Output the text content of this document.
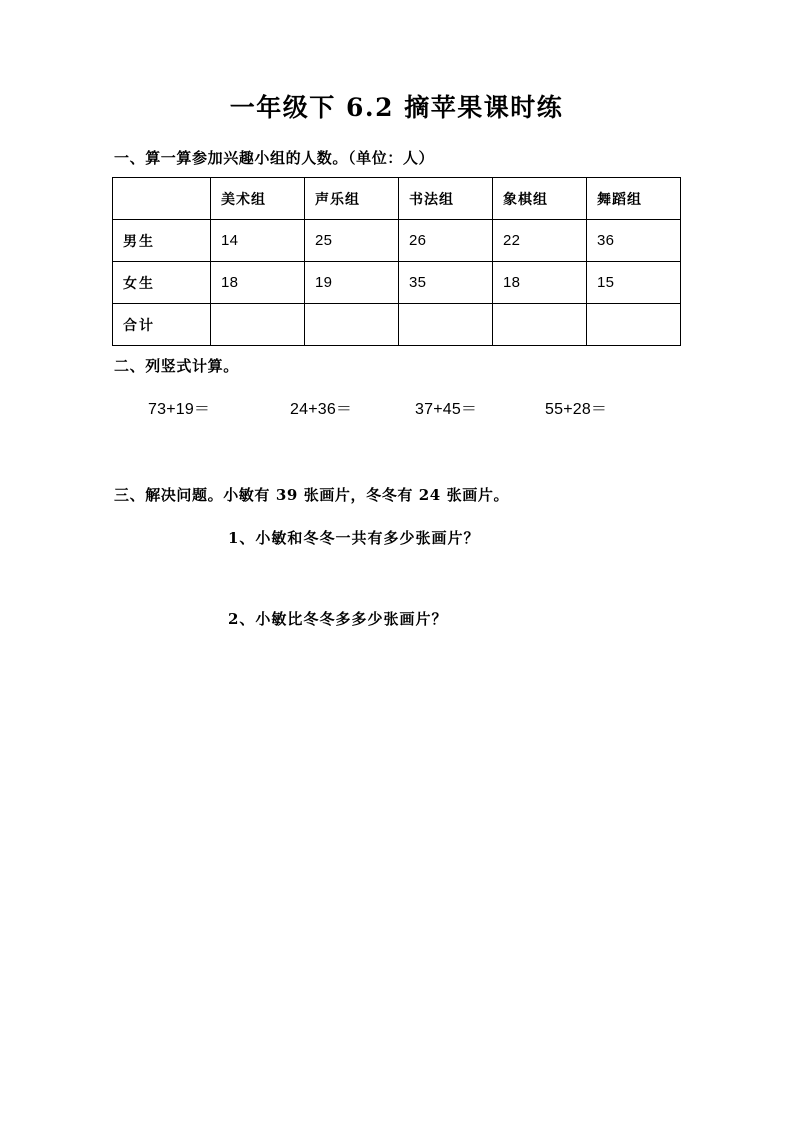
一年级下 6.2 摘苹果课时练
一、算一算参加兴趣小组的人数。（单位：人）
	美术组	声乐组	书法组	象棋组	舞蹈组
男生	14	25	26	22	36
女生	18	19	35	18	15
合计					
二、列竖式计算。
73+19＝	24+36＝	37+45＝	55+28＝
三、解决问题。小敏有 39 张画片，冬冬有 24 张画片。
1、小敏和冬冬一共有多少张画片？
2、小敏比冬冬多多少张画片？
